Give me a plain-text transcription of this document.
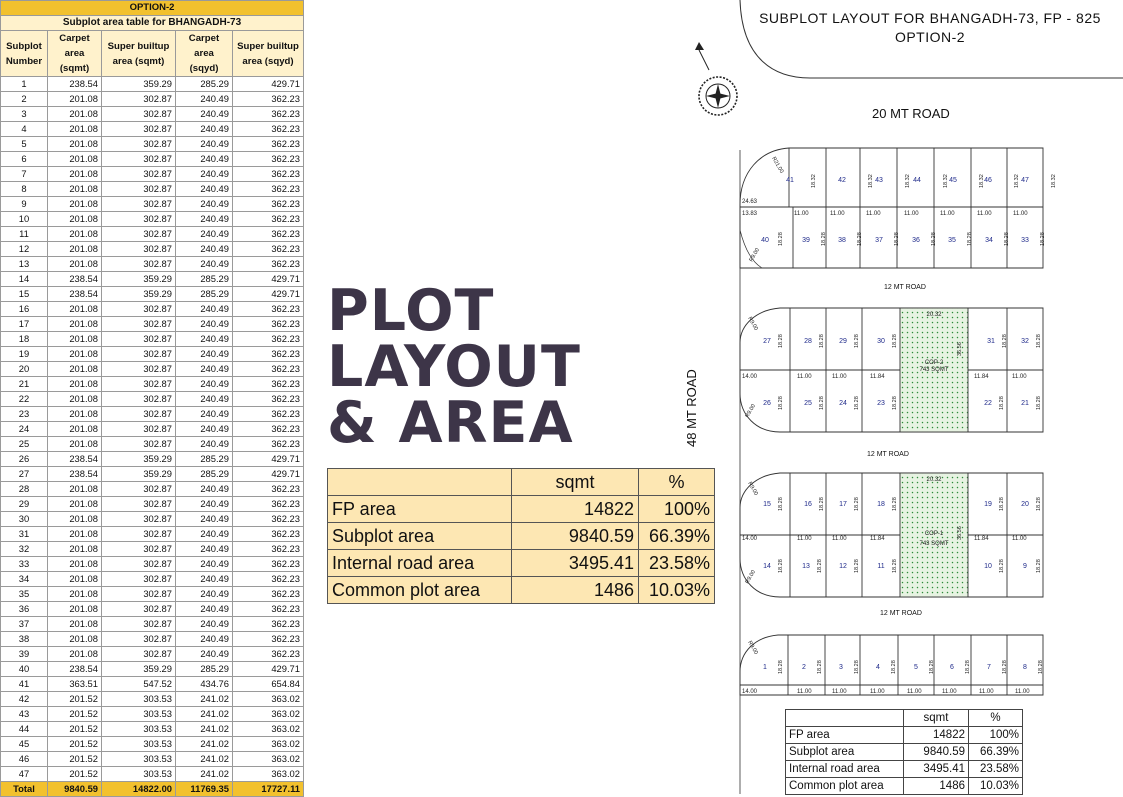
OPTION-2				
Subplot area table for BHANGADH-73				
Subplot Number	Carpet area (sqmt)	Super builtup area (sqmt)	Carpet area (sqyd)	Super builtup area (sqyd)
1	238.54	359.29	285.29	429.71
2	201.08	302.87	240.49	362.23
3	201.08	302.87	240.49	362.23
4	201.08	302.87	240.49	362.23
5	201.08	302.87	240.49	362.23
6	201.08	302.87	240.49	362.23
7	201.08	302.87	240.49	362.23
8	201.08	302.87	240.49	362.23
9	201.08	302.87	240.49	362.23
10	201.08	302.87	240.49	362.23
11	201.08	302.87	240.49	362.23
12	201.08	302.87	240.49	362.23
13	201.08	302.87	240.49	362.23
14	238.54	359.29	285.29	429.71
15	238.54	359.29	285.29	429.71
16	201.08	302.87	240.49	362.23
17	201.08	302.87	240.49	362.23
18	201.08	302.87	240.49	362.23
19	201.08	302.87	240.49	362.23
20	201.08	302.87	240.49	362.23
21	201.08	302.87	240.49	362.23
22	201.08	302.87	240.49	362.23
23	201.08	302.87	240.49	362.23
24	201.08	302.87	240.49	362.23
25	201.08	302.87	240.49	362.23
26	238.54	359.29	285.29	429.71
27	238.54	359.29	285.29	429.71
28	201.08	302.87	240.49	362.23
29	201.08	302.87	240.49	362.23
30	201.08	302.87	240.49	362.23
31	201.08	302.87	240.49	362.23
32	201.08	302.87	240.49	362.23
33	201.08	302.87	240.49	362.23
34	201.08	302.87	240.49	362.23
35	201.08	302.87	240.49	362.23
36	201.08	302.87	240.49	362.23
37	201.08	302.87	240.49	362.23
38	201.08	302.87	240.49	362.23
39	201.08	302.87	240.49	362.23
40	238.54	359.29	285.29	429.71
41	363.51	547.52	434.76	654.84
42	201.52	303.53	241.02	363.02
43	201.52	303.53	241.02	363.02
44	201.52	303.53	241.02	363.02
45	201.52	303.53	241.02	363.02
46	201.52	303.53	241.02	363.02
47	201.52	303.53	241.02	363.02
Total	9840.59	14822.00	11769.35	17727.11
PLOT
LAYOUT
& AREA
	sqmt	%
FP area	14822	100%
Subplot area	9840.59	66.39%
Internal road area	3495.41	23.58%
Common plot area	1486	10.03%

SUBPLOT LAYOUT FOR BHANGADH-73, FP - 825

OPTION-2

20 MT ROAD
48 MT ROAD
12 MT ROAD
12 MT ROAD
12 MT ROAD
41	18.32	42	18.32 43	18.32 44	18.32 45	18.32 46	18.32 47	18.32
R21.00
24.63
13.83	11.00	11.00	11.00	11.00	11.00	11.00	11.00
40 18.28	39 18.28 38 18.28 37 18.28 36 18.28 35 18.28 34 18.28 33 18.28
R9.00
20.32
R9.00
27 18.28	28 18.28 29 18.28 30 18.28	31 18.28 32 18.28
COP-2
743 SQMT
36.56
14.00	11.00	11.00	11.84	11.84	11.00
26 18.28	25 18.28 24 18.28 23 18.28	22 18.28 21 18.28
R9.00
20.32
R9.00
15 18.28	16 18.28 17 18.28 18 18.28	19 18.28 20 18.28
COP-1
743 SQMT
36.56
14.00	11.00	11.00	11.84	11.84	11.00
14 18.28	13 18.28 12 18.28 11 18.28	10 18.28	9 18.28
R9.00
R9.00
1 18.28	2 18.28 3 18.28 4 18.28 5 18.28 6 18.28 7 18.28 8 18.28
14.00	11.00	11.00	11.00	11.00	11.00	11.00	11.00
	sqmt	%
FP area	14822	100%
Subplot area	9840.59	66.39%
Internal road area	3495.41	23.58%
Common plot area	1486	10.03%
